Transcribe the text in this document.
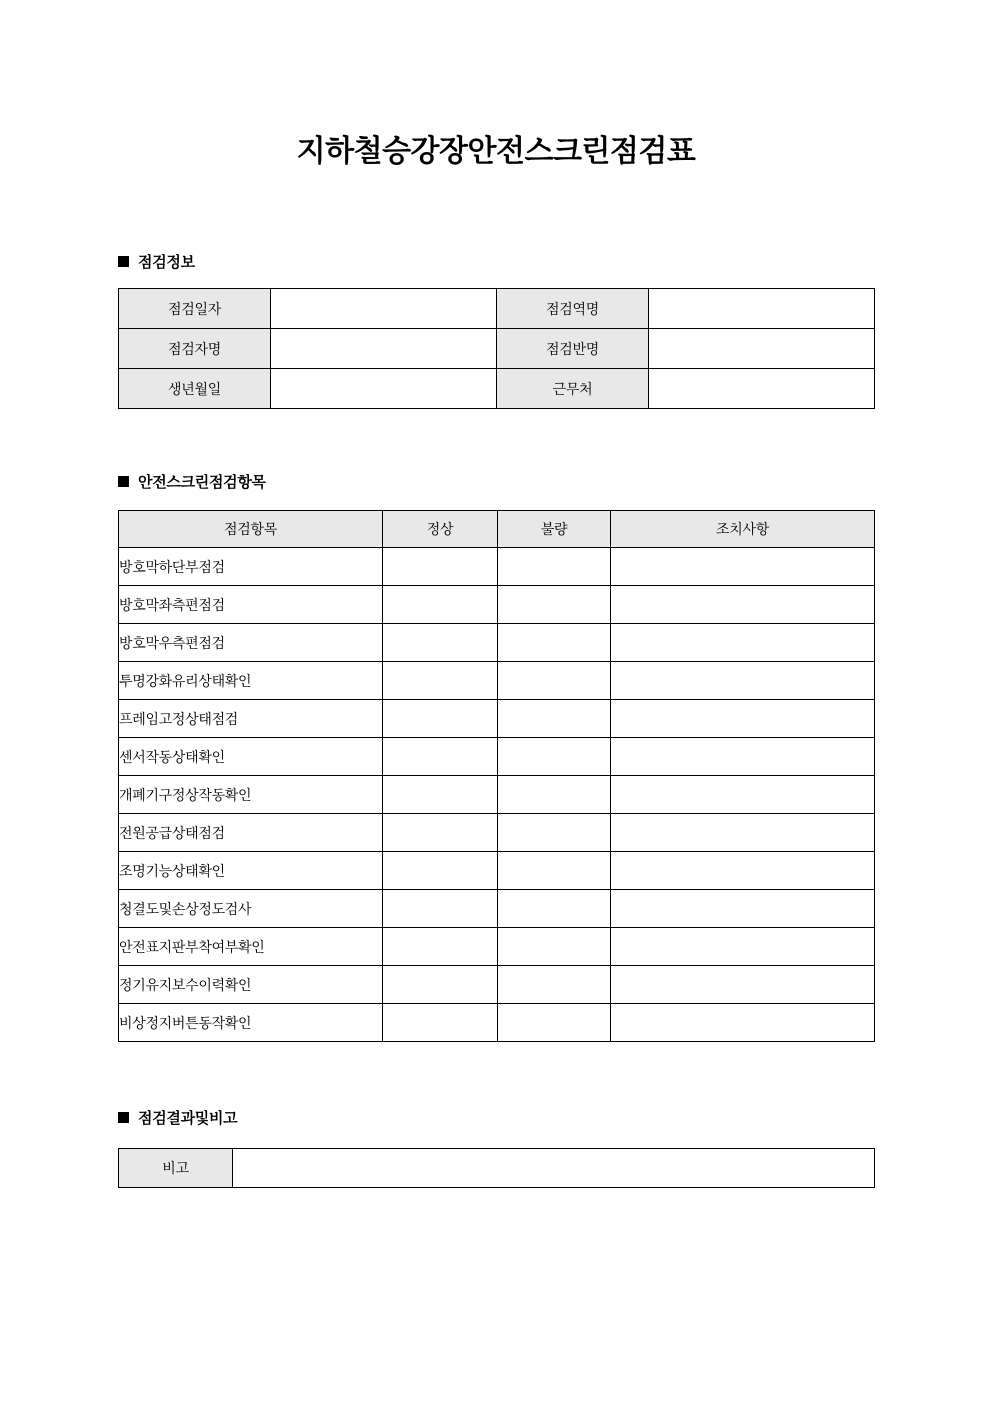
지하철승강장안전스크린점검표
점검정보
점검일자		점검역명	
점검자명		점검반명	
생년월일		근무처	
안전스크린점검항목
점검항목	정상	불량	조치사항
방호막하단부점검			
방호막좌측편점검			
방호막우측편점검			
투명강화유리상태확인			
프레임고정상태점검			
센서작동상태확인			
개폐기구정상작동확인			
전원공급상태점검			
조명기능상태확인			
청결도및손상정도검사			
안전표지판부착여부확인			
정기유지보수이력확인			
비상정지버튼동작확인			
점검결과및비고
비고	
